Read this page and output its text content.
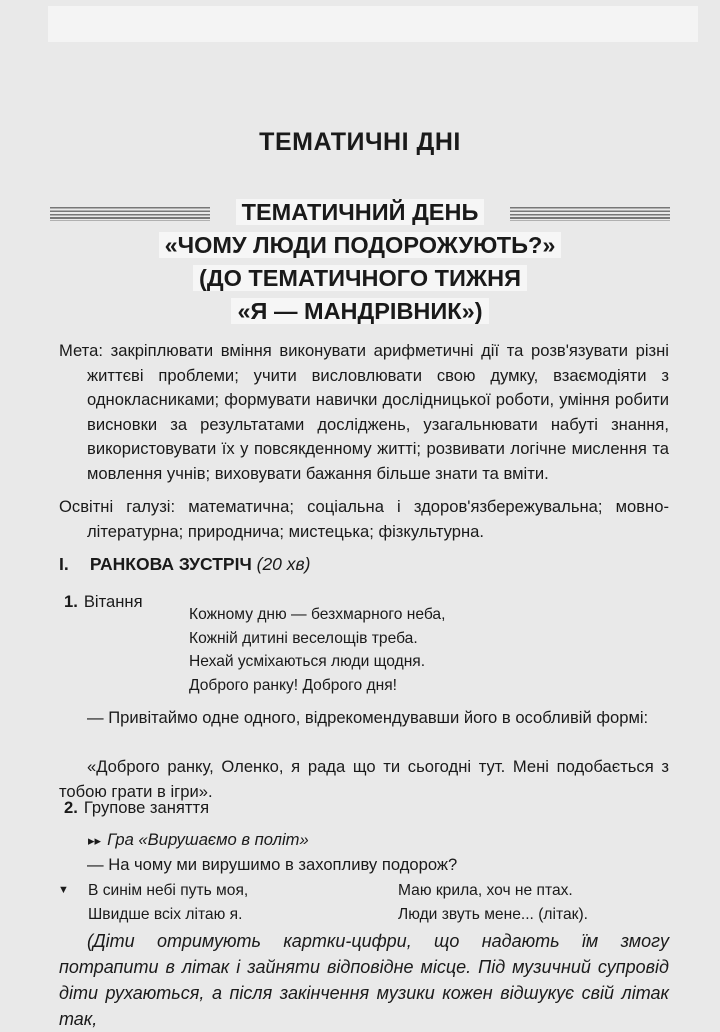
ТЕМАТИЧНІ ДНІ
ТЕМАТИЧНИЙ ДЕНЬ
«ЧОМУ ЛЮДИ ПОДОРОЖУЮТЬ?»
(ДО ТЕМАТИЧНОГО ТИЖНЯ
«Я — МАНДРІВНИК»)
Мета: закріплювати вміння виконувати арифметичні дії та розв'язувати різні життєві проблеми; учити висловлювати свою думку, взаємодіяти з однокласниками; формувати навички дослідницької роботи, уміння робити висновки за результатами досліджень, узагальнювати набуті знання, використовувати їх у повсякденному житті; розвивати логічне мислення та мовлення учнів; виховувати бажання більше знати та вміти.
Освітні галузі: математична; соціальна і здоров'язбережувальна; мовно-літературна; природнича; мистецька; фізкультурна.
I. РАНКОВА ЗУСТРІЧ (20 хв)
1. Вітання
Кожному дню — безхмарного неба,
Кожній дитині веселощів треба.
Нехай усміхаються люди щодня.
Доброго ранку! Доброго дня!
— Привітаймо одне одного, відрекомендувавши його в особливій формі:
«Доброго ранку, Оленко, я рада що ти сьогодні тут. Мені подобається з тобою грати в ігри».
2. Групове заняття
▸▸ Гра «Вирушаємо в політ»
— На чому ми вирушимо в захопливу подорож?
▼ В синім небі путь моя,
Швидше всіх літаю я.
Маю крила, хоч не птах.
Люди звуть мене... (літак).
(Діти отримують картки-цифри, що надають їм змогу потрапити в літак і зайняти відповідне місце. Під музичний супровід діти рухаються, а після закінчення музики кожен відшукує свій літак так,
